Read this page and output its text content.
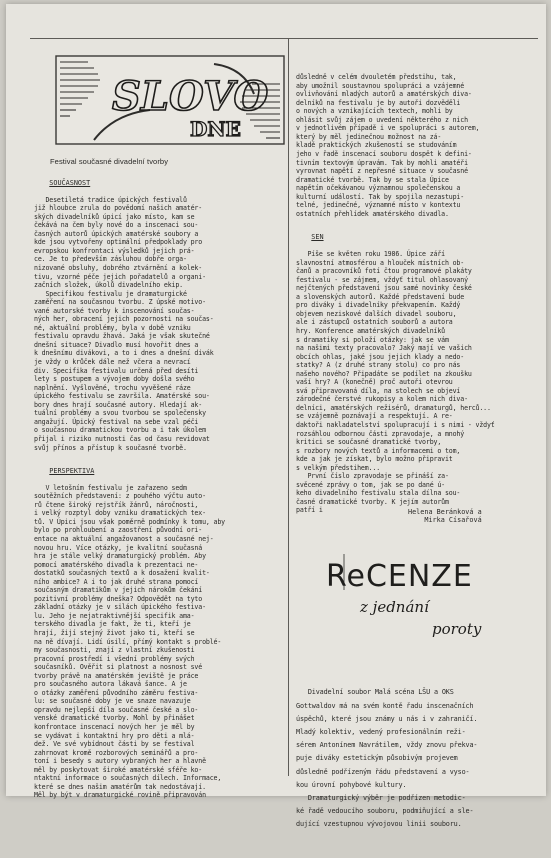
SLOVO
DNE
Festival současné divadelní tvorby

SOUČASNOST

Desetiletá tradice úpických festivalů
již hloubce zrula do povědomí našich amatér-
ských divadelníků úpicí jako místo, kam se
čekává na čem byly nové do a inscenaci sou-
časných autorů úpických amatérské soubory a
kde jsou vytvořeny optimální předpoklady pro
evropskou konfrontaci výsledků jejich prá-
ce. Je to především zásluhou dobře orga-
nizované obsluhy, dobrého ztvárnění a kolek-
tivu, vzorné péče jejich pořadatelů a organi-
začních složek, úkolů divadelního ekip.
Specifikou festivalu je dramaturgické
zaměření na současnou tvorbu. Z úpské motivo-
vané autorské tvorby k inscenování součas-
ných her, obracení jejich pozornosti na součas-
né, aktuální problémy, byla v době vzniku
festivalu opravdu žhavá. Jaká je však skutečné
dnešní situace? Divadlo musí hovořit dnes a
k dnešnímu divákovi, a to i dnes a dnešní divák
je vždy o krůček dále než včera a nevrací
div. Specifika festivalu určená před desíti
lety s postupem a vývojem doby došla svého
naplnění. Vyšlověné, trochu vyvěšené ráze
úpického festivalu se završila. Amatérské sou-
bory dnes hrají současné autory. Hledají ak-
tuální problémy a svou tvorbou se společensky
angažují. Úpický festival na sebe vzal péči
o současnou dramatickou tvorbu a i tak úkolem
přijal i riziko nutnosti čas od času revidovat
svůj přínos a přístup k současné tvorbě.

PERSPEKTIVA

V letošním festivalu je zařazeno sedm
soutěžních představení: z pouhého výčtu auto-
rů čtene široký rejstřík žánrů, náročnosti,
i velký rozptyl doby vzniku dramatických tex-
tů. V Úpici jsou však poměrně podmínky k tomu, aby
bylo po prohloubení a zaostření původní ori-
entace na aktuální angažovanost a současné nej-
novou hru. Více otázky, je kvalitní současná
hra je stále velký dramaturgický problém. Aby
pomocí amatérského divadla k prezentaci ne-
dostatků současných textů a k dosažení kvalit-
ního ambice? A i to jak druhé strana pomocí
současným dramatikům v jejich nárokům čekání
pozitivní problémy dneška? Odpovědět na tyto
základní otázky je v silách úpického festiva-
lu. Jeho je nejatraktivnější specifik ama-
terského divadla je fakt, že ti, kteří je
hrají, žijí stejný život jako ti, kteří se
na ně dívají. Lidí úsilí, přímý kontakt s problé-
my současnosti, znají z vlastní zkušenosti
pracovní prostředí i všední problémy svých
současníků. Ověřit si platnost a nosnost své
tvorby právě na amatérském jeviště je práce
pro současného autora lákavá šance. A je
o otázky zaměření původního záměru festiva-
lu: se současné doby je ve snaze navazuje
opravdu nejlepší díla současné české a slo-
venské dramatické tvorby. Mohl by přinášet
konfrontace inscenací nových her je měl by
se vydávat i kontaktní hry pro děti a mlá-
dež. Ve své vybídnout části by se festival
zahrnovat kromě rozborových seminářů a pro-
toní i besedy s autory vybraných her a hlavně
měl by poskytovat široké amatérské sféře ko-
ntaktní informace o současných dílech. Informace,
které se dnes našim amatérům tak nedostávají.
Měl by být v dramaturgické rovině připravován

důsledně v celém dvouletém předstihu, tak,
aby umožnil soustavnou spolupráci a vzájemné
ovlivňování mladých autorů a amatérských diva-
delníků na festivalu je by autoři dozvěděli
o nových a vznikajících textech, mohli by
ohlásit svůj zájem o uvedení některého z nich
v jednotlivém případě i ve spolupráci s autorem,
který by měl jedinečnou možnost na zá-
kladě praktických zkušeností se studováním
jeho v řadě inscenací souboru dospět k defini-
tivním textovým úpravám. Tak by mohli amatéři
vyrovnat napětí z nepřesné situace v současné
dramatické tvorbě. Tak by se stala Úpice
napětím očekávanou významnou společenskou a
kulturní událostí. Tak by spojila nezastupi-
telné, jedinečné, významné místo v kontextu
ostatních přehlídek amatérského divadla.

SEN

Píše se květen roku 1986. Úpice září
slavnostní atmosférou a hlouček místních ob-
čanů a pracovníků fotí čtou programové plakáty
festivalu - se zájmem, vždyť titul ohlasovaný
nejčtených představení jsou samé novinky české
a slovenských autorů. Každé představení bude
pro diváky i divadelníky překvapením. Každý
objevem neziskové dalších divadel souboru,
ale i zástupců ostatních souborů a autora
hry. Konference amatérských divadelníků
s dramatiky si položí otázky: jak se vám
na našimi texty pracovalo? Jaký mají ve vašich
obcích ohlas, jaké jsou jejich klady a nedo-
statky? A (z druhé strany stolu) co pro nás
našeho nového? Připadáte se podílet na zkoušku
vaší hry? A (konečně) proč autoři otevrou
svá připravovaná díla, na stolech se objeví
zárodečné čerstvé rukopisy a kolem nich diva-
delníci, amatérských režisérů, dramaturgů, herců...
se vzájemně poznávají a respektují. A re-
daktoři nakladatelství spolupracují i s nimi - vždyť
rozsáhlou odbornou části zpravodaje, a mnohý
kritici se současné dramatické tvorby,
s rozbory nových textů a informacemi o tom,
kde a jak je získat, bylo možno připravit
s velkým předstihem...
První číslo zpravodaje se přináší za-
svěcené zprávy o tom, jak se po dané ú-
keho divadelního festivalu stala dílna sou-
časné dramatické tvorby. K jejím autorům
patří i

	Helena Beránková a
Mirka Císařová
ReCENZE
z jednání
poroty

Divadelní soubor Malá scéna LŠU a OKS
Gottwaldov má na svém kontě řadu inscenačních
úspěchů, které jsou známy u nás i v zahraničí.
Mladý kolektiv, vedený profesionálním reži-
sérem Antonínem Navrátilem, vždy znovu překva-
puje diváky estetickým působivým projevem
důsledně podřízeným řádu představení a vyso-
kou úrovní pohybové kultury.
Dramaturgický výběr je podřízen metodic-
ké řadě vedoucího souboru, podmiňující a sle-
dující vzestupnou vývojovou linii souboru.
